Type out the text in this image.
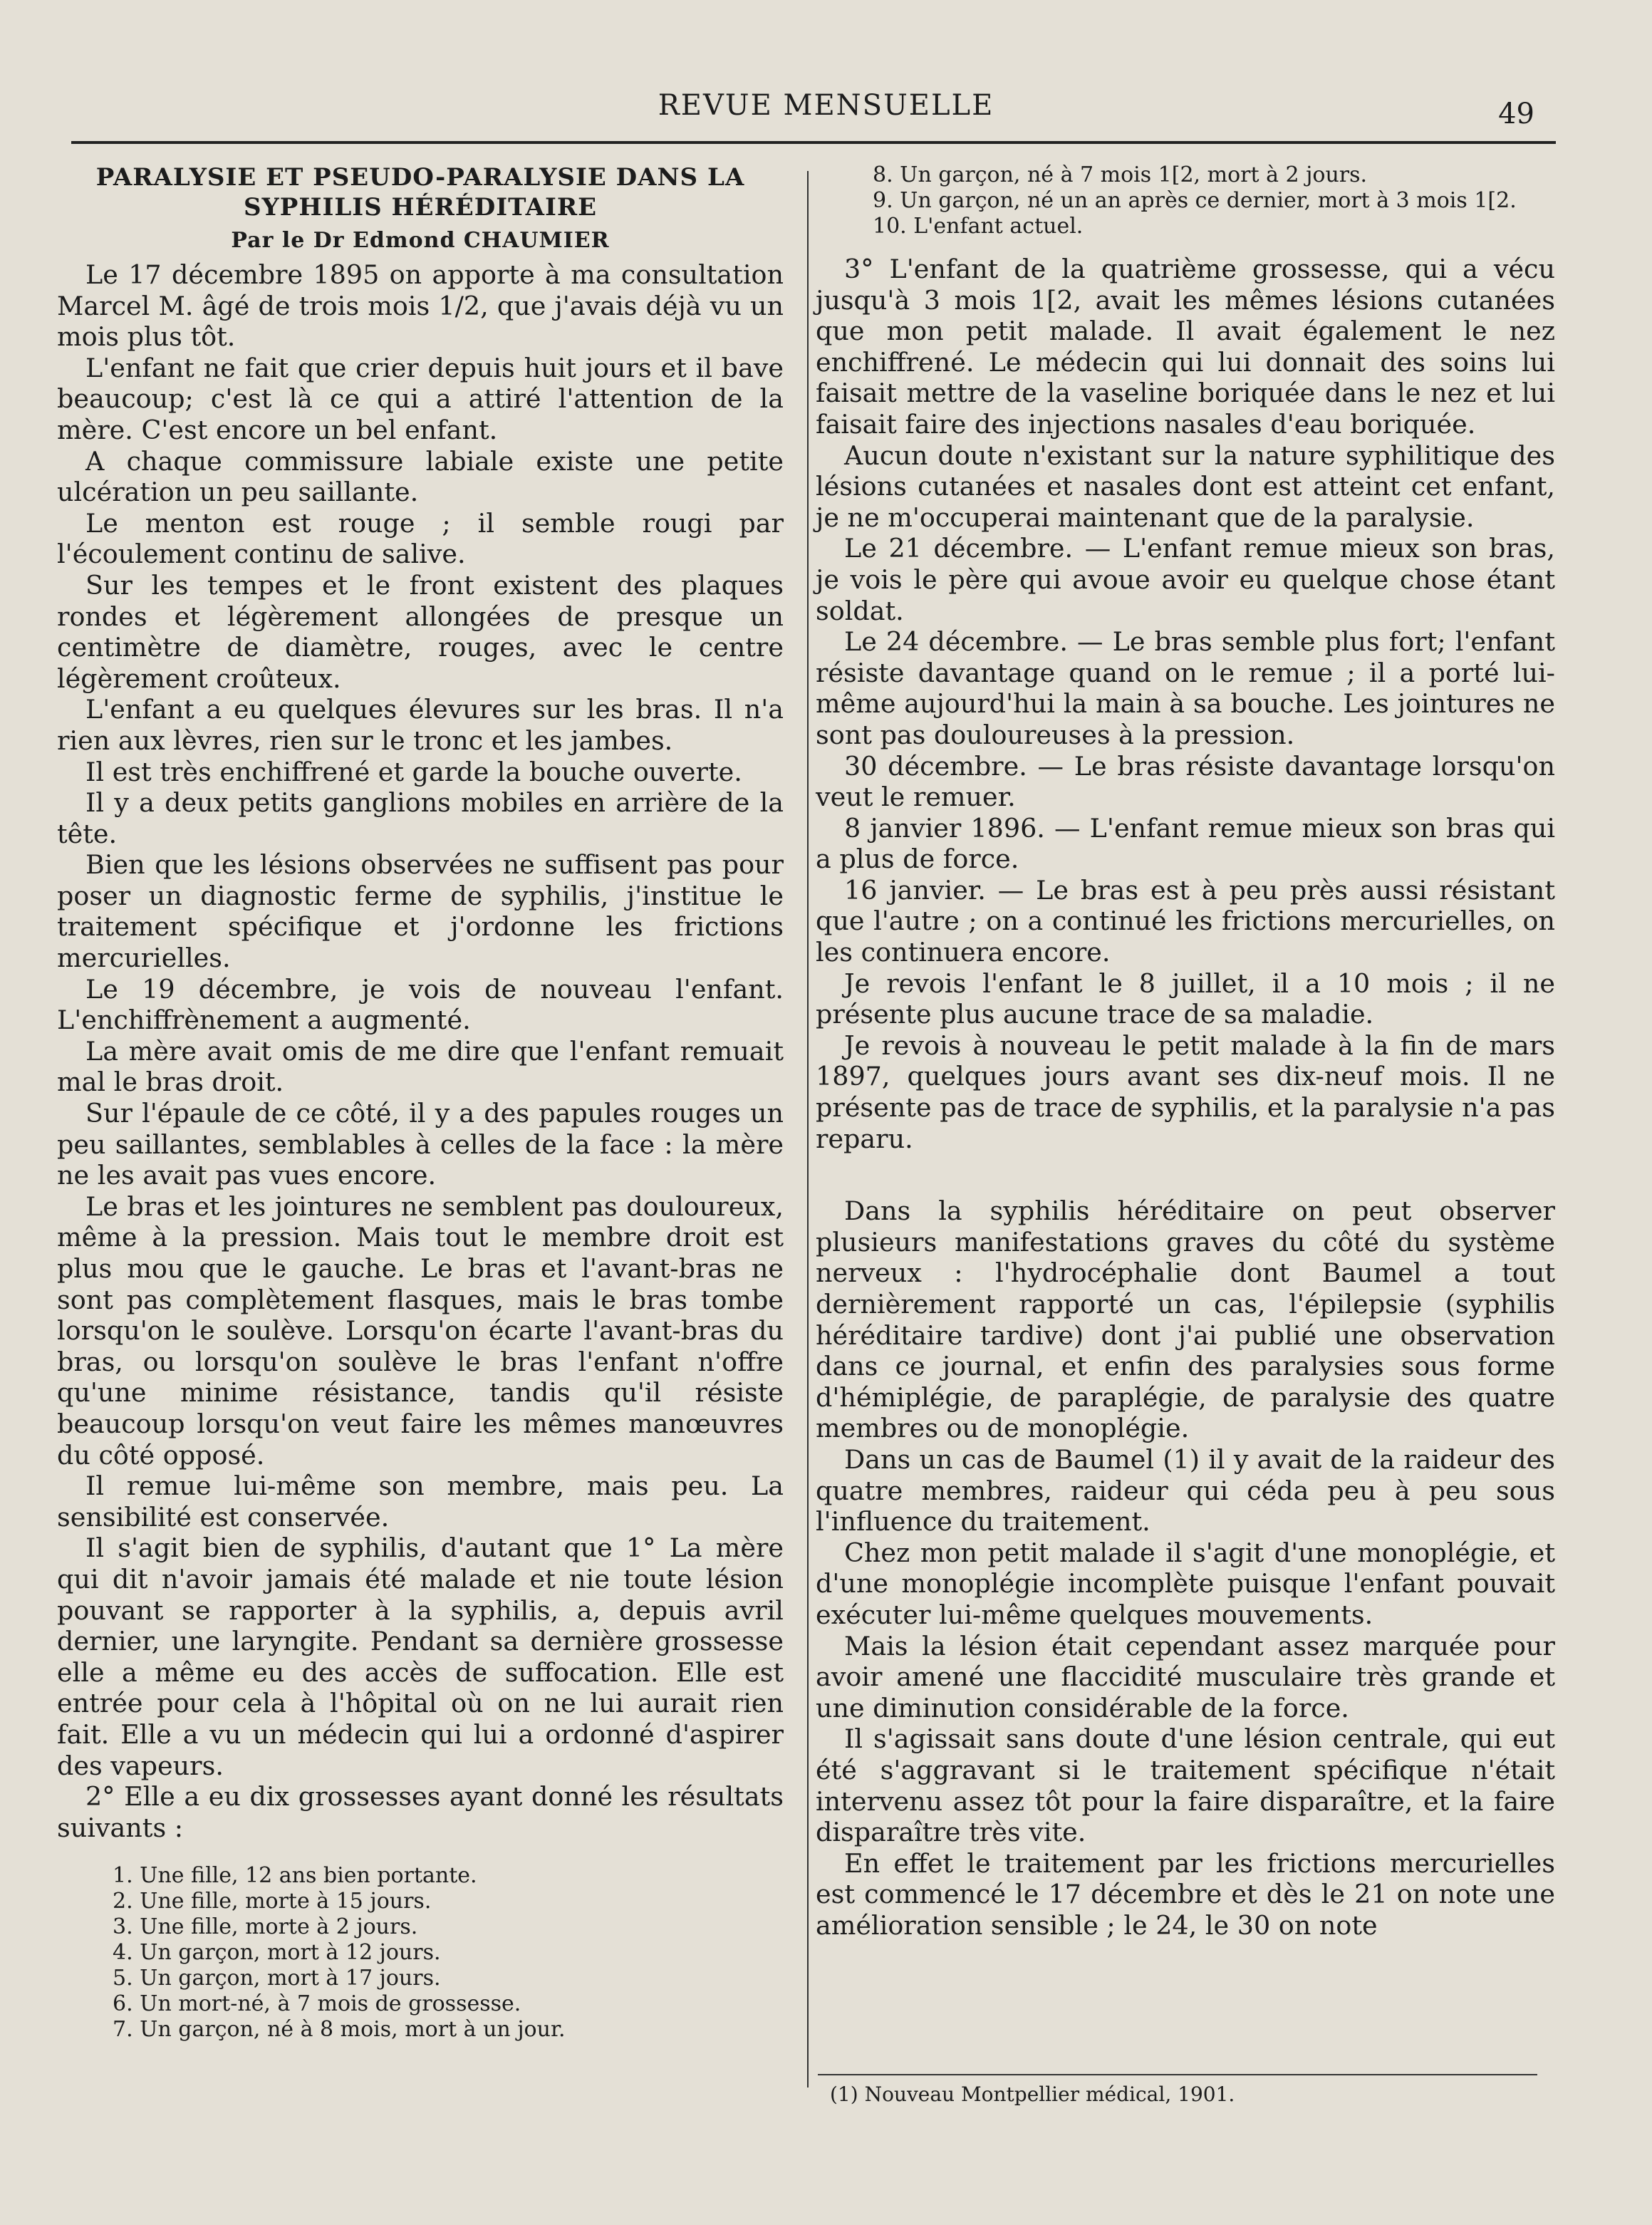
REVUE MENSUELLE	49
PARALYSIE ET PSEUDO-PARALYSIE DANS LA SYPHILIS HÉRÉDITAIRE
Par le Dr Edmond CHAUMIER

Le 17 décembre 1895 on apporte à ma consultation Marcel M. âgé de trois mois 1/2, que j'avais déjà vu un mois plus tôt.

L'enfant ne fait que crier depuis huit jours et il bave beaucoup; c'est là ce qui a attiré l'attention de la mère. C'est encore un bel enfant.

A chaque commissure labiale existe une petite ulcération un peu saillante.

Le menton est rouge ; il semble rougi par l'écoulement continu de salive.

Sur les tempes et le front existent des plaques rondes et légèrement allongées de presque un centimètre de diamètre, rouges, avec le centre légèrement croûteux.

L'enfant a eu quelques élevures sur les bras. Il n'a rien aux lèvres, rien sur le tronc et les jambes.

Il est très enchiffrené et garde la bouche ouverte.

Il y a deux petits ganglions mobiles en arrière de la tête.

Bien que les lésions observées ne suffisent pas pour poser un diagnostic ferme de syphilis, j'institue le traitement spécifique et j'ordonne les frictions mercurielles.

Le 19 décembre, je vois de nouveau l'enfant. L'enchiffrènement a augmenté.

La mère avait omis de me dire que l'enfant remuait mal le bras droit.

Sur l'épaule de ce côté, il y a des papules rouges un peu saillantes, semblables à celles de la face : la mère ne les avait pas vues encore.

Le bras et les jointures ne semblent pas douloureux, même à la pression. Mais tout le membre droit est plus mou que le gauche. Le bras et l'avant-bras ne sont pas complètement flasques, mais le bras tombe lorsqu'on le soulève. Lorsqu'on écarte l'avant-bras du bras, ou lorsqu'on soulève le bras l'enfant n'offre qu'une minime résistance, tandis qu'il résiste beaucoup lorsqu'on veut faire les mêmes manœuvres du côté opposé.

Il remue lui-même son membre, mais peu. La sensibilité est conservée.

Il s'agit bien de syphilis, d'autant que 1° La mère qui dit n'avoir jamais été malade et nie toute lésion pouvant se rapporter à la syphilis, a, depuis avril dernier, une laryngite. Pendant sa dernière grossesse elle a même eu des accès de suffocation. Elle est entrée pour cela à l'hôpital où on ne lui aurait rien fait. Elle a vu un médecin qui lui a ordonné d'aspirer des vapeurs.

2° Elle a eu dix grossesses ayant donné les résultats suivants :

1. Une fille, 12 ans bien portante.
2. Une fille, morte à 15 jours.
3. Une fille, morte à 2 jours.
4. Un garçon, mort à 12 jours.
5. Un garçon, mort à 17 jours.
6. Un mort-né, à 7 mois de grossesse.
7. Un garçon, né à 8 mois, mort à un jour.
8. Un garçon, né à 7 mois 1[2, mort à 2 jours.
9. Un garçon, né un an après ce dernier, mort à 3 mois 1[2.
10. L'enfant actuel.

3° L'enfant de la quatrième grossesse, qui a vécu jusqu'à 3 mois 1[2, avait les mêmes lésions cutanées que mon petit malade. Il avait également le nez enchiffrené. Le médecin qui lui donnait des soins lui faisait mettre de la vaseline boriquée dans le nez et lui faisait faire des injections nasales d'eau boriquée.

Aucun doute n'existant sur la nature syphilitique des lésions cutanées et nasales dont est atteint cet enfant, je ne m'occuperai maintenant que de la paralysie.

Le 21 décembre. — L'enfant remue mieux son bras, je vois le père qui avoue avoir eu quelque chose étant soldat.

Le 24 décembre. — Le bras semble plus fort; l'enfant résiste davantage quand on le remue ; il a porté lui-même aujourd'hui la main à sa bouche. Les jointures ne sont pas douloureuses à la pression.

30 décembre. — Le bras résiste davantage lorsqu'on veut le remuer.

8 janvier 1896. — L'enfant remue mieux son bras qui a plus de force.

16 janvier. — Le bras est à peu près aussi résistant que l'autre ; on a continué les frictions mercurielles, on les continuera encore.

Je revois l'enfant le 8 juillet, il a 10 mois ; il ne présente plus aucune trace de sa maladie.

Je revois à nouveau le petit malade à la fin de mars 1897, quelques jours avant ses dix-neuf mois. Il ne présente pas de trace de syphilis, et la paralysie n'a pas reparu.

Dans la syphilis héréditaire on peut observer plusieurs manifestations graves du côté du système nerveux : l'hydrocéphalie dont Baumel a tout dernièrement rapporté un cas, l'épilepsie (syphilis héréditaire tardive) dont j'ai publié une observation dans ce journal, et enfin des paralysies sous forme d'hémiplégie, de paraplégie, de paralysie des quatre membres ou de monoplégie.

Dans un cas de Baumel (1) il y avait de la raideur des quatre membres, raideur qui céda peu à peu sous l'influence du traitement.

Chez mon petit malade il s'agit d'une monoplégie, et d'une monoplégie incomplète puisque l'enfant pouvait exécuter lui-même quelques mouvements.

Mais la lésion était cependant assez marquée pour avoir amené une flaccidité musculaire très grande et une diminution considérable de la force.

Il s'agissait sans doute d'une lésion centrale, qui eut été s'aggravant si le traitement spécifique n'était intervenu assez tôt pour la faire disparaître, et la faire disparaître très vite.

En effet le traitement par les frictions mercurielles est commencé le 17 décembre et dès le 21 on note une amélioration sensible ; le 24, le 30 on note

(1) Nouveau Montpellier médical, 1901.
